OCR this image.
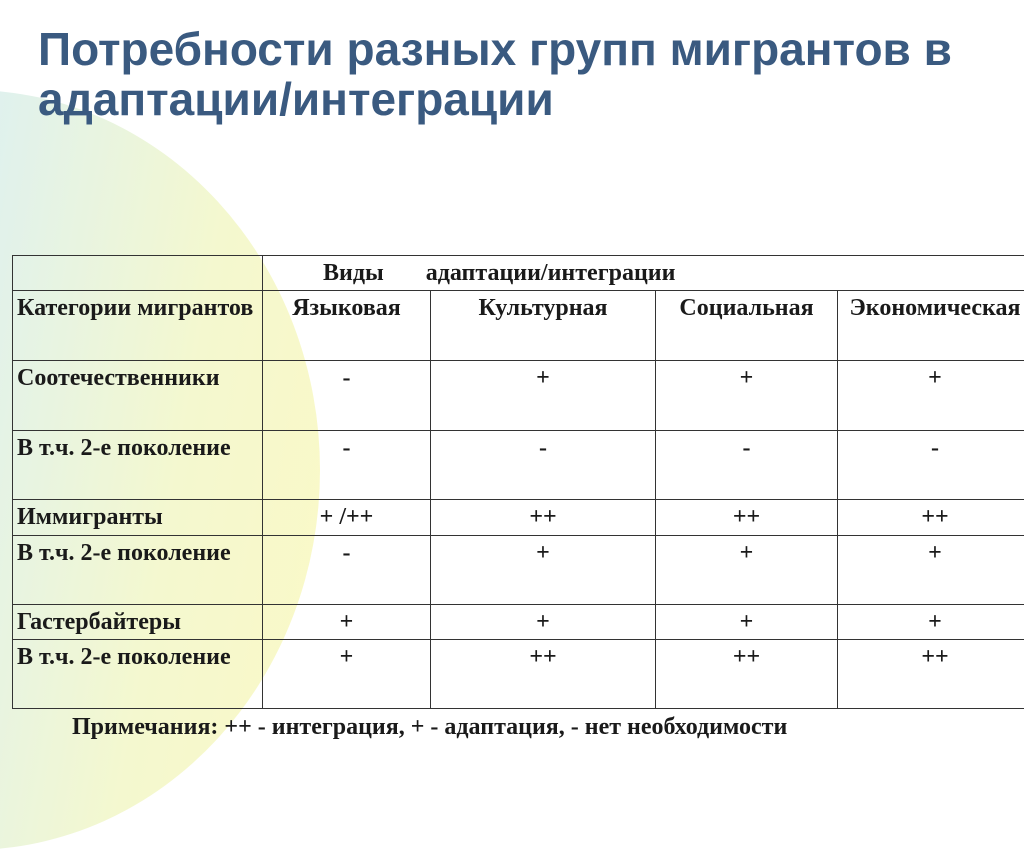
Потребности разных групп мигрантов в адаптации/интеграции

	Виды       адаптации/интеграции			

Категории мигрантов	Языковая	Культурная	Социальная	Экономическая
Соотечественники	-	+	+	+
В т.ч. 2-е поколение	-	-	-	-
Иммигранты	+ /++	++	++	++
В т.ч. 2-е поколение	-	+	+	+
Гастербайтеры	+	+	+	+
В т.ч. 2-е поколение	+	++	++	++

Примечания: ++ - интеграция, + - адаптация, - нет необходимости
